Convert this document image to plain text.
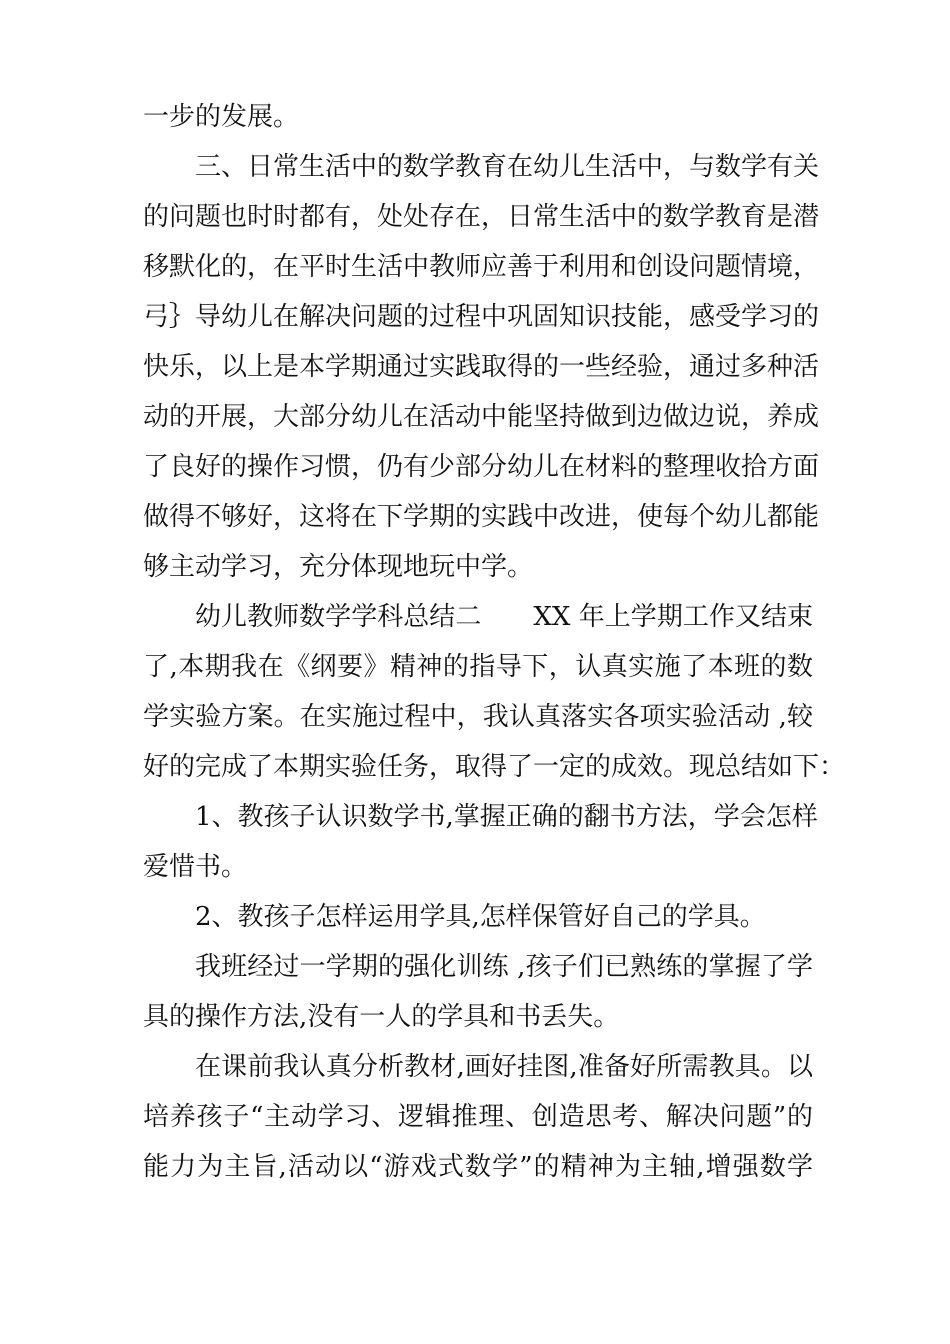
一步的发展。
三、日常生活中的数学教育在幼儿生活中，与数学有关
的问题也时时都有，处处存在，日常生活中的数学教育是潜
移默化的，在平时生活中教师应善于利用和创设问题情境，
弓｝导幼儿在解决问题的过程中巩固知识技能，感受学习的
快乐，以上是本学期通过实践取得的一些经验，通过多种活
动的开展，大部分幼儿在活动中能坚持做到边做边说，养成
了良好的操作习惯，仍有少部分幼儿在材料的整理收拾方面
做得不够好，这将在下学期的实践中改进，使每个幼儿都能
够主动学习，充分体现地玩中学。
幼儿教师数学学科总结二　　XX 年上学期工作又结束
了,本期我在《纲要》精神的指导下，认真实施了本班的数
学实验方案。在实施过程中，我认真落实各项实验活动 ,较
好的完成了本期实验任务，取得了一定的成效。现总结如下：
1、教孩子认识数学书,掌握正确的翻书方法，学会怎样
爱惜书。
2、教孩子怎样运用学具,怎样保管好自己的学具。
我班经过一学期的强化训练 ,孩子们已熟练的掌握了学
具的操作方法,没有一人的学具和书丢失。
在课前我认真分析教材,画好挂图,准备好所需教具。以
培养孩子“主动学习、逻辑推理、创造思考、解决问题”的
能力为主旨,活动以“游戏式数学”的精神为主轴,增强数学
